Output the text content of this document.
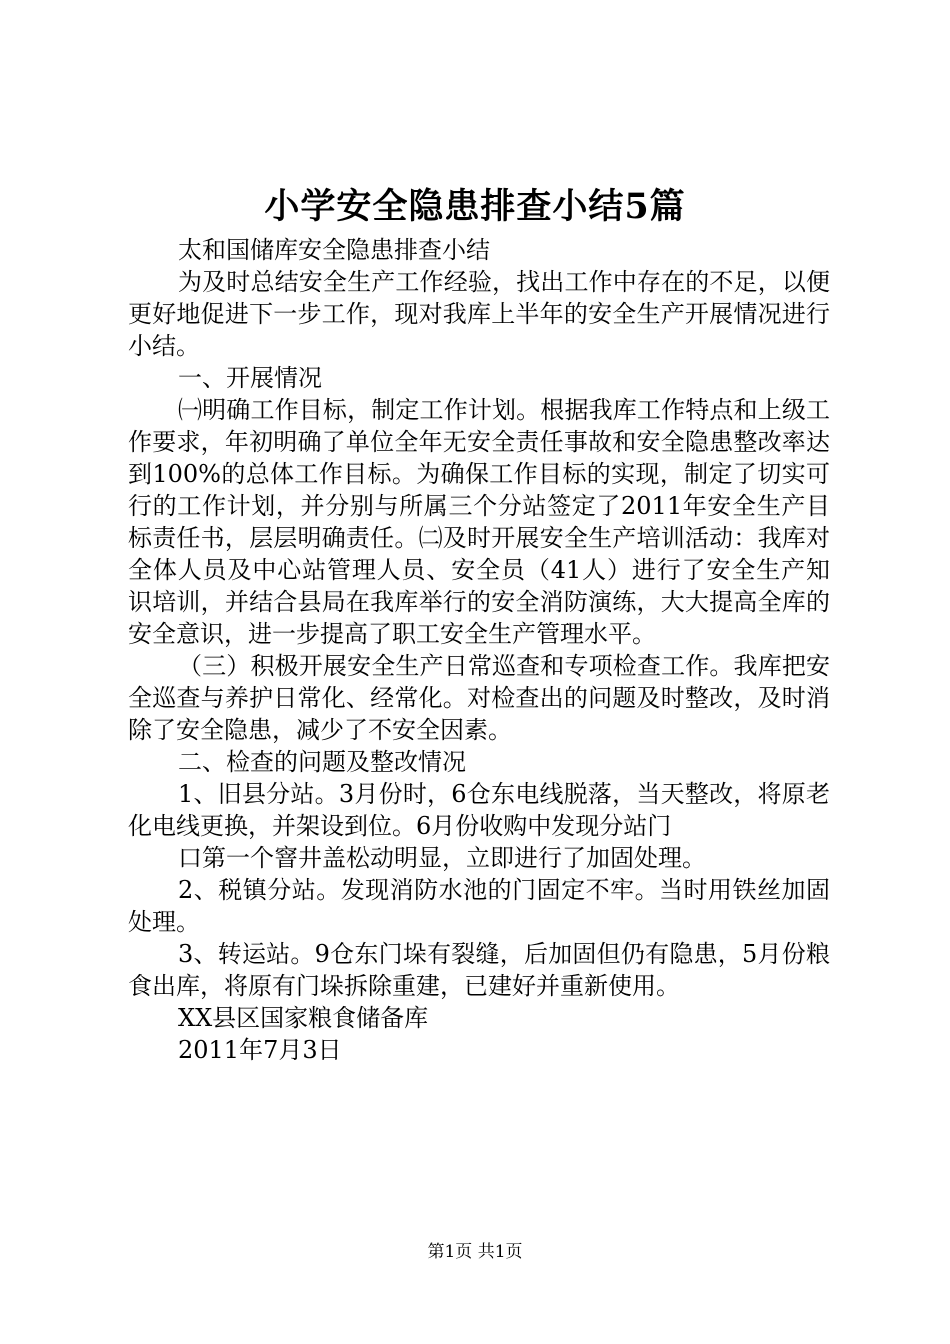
小学安全隐患排查小结5篇

太和国储库安全隐患排查小结

为及时总结安全生产工作经验，找出工作中存在的不足，以便更好地促进下一步工作，现对我库上半年的安全生产开展情况进行小结。

一、开展情况

㈠明确工作目标，制定工作计划。根据我库工作特点和上级工作要求，年初明确了单位全年无安全责任事故和安全隐患整改率达到100%的总体工作目标。为确保工作目标的实现，制定了切实可行的工作计划，并分别与所属三个分站签定了2011年安全生产目标责任书，层层明确责任。㈡及时开展安全生产培训活动：我库对全体人员及中心站管理人员、安全员（41人）进行了安全生产知识培训，并结合县局在我库举行的安全消防演练，大大提高全库的安全意识，进一步提高了职工安全生产管理水平。

（三）积极开展安全生产日常巡查和专项检查工作。我库把安全巡查与养护日常化、经常化。对检查出的问题及时整改，及时消除了安全隐患，减少了不安全因素。

二、检查的问题及整改情况

1、旧县分站。3月份时，6仓东电线脱落，当天整改，将原老化电线更换，并架设到位。6月份收购中发现分站门

口第一个窨井盖松动明显，立即进行了加固处理。

2、税镇分站。发现消防水池的门固定不牢。当时用铁丝加固处理。

3、转运站。9仓东门垛有裂缝，后加固但仍有隐患，5月份粮食出库，将原有门垛拆除重建，已建好并重新使用。

XX县区国家粮食储备库

2011年7月3日

第1页 共1页
